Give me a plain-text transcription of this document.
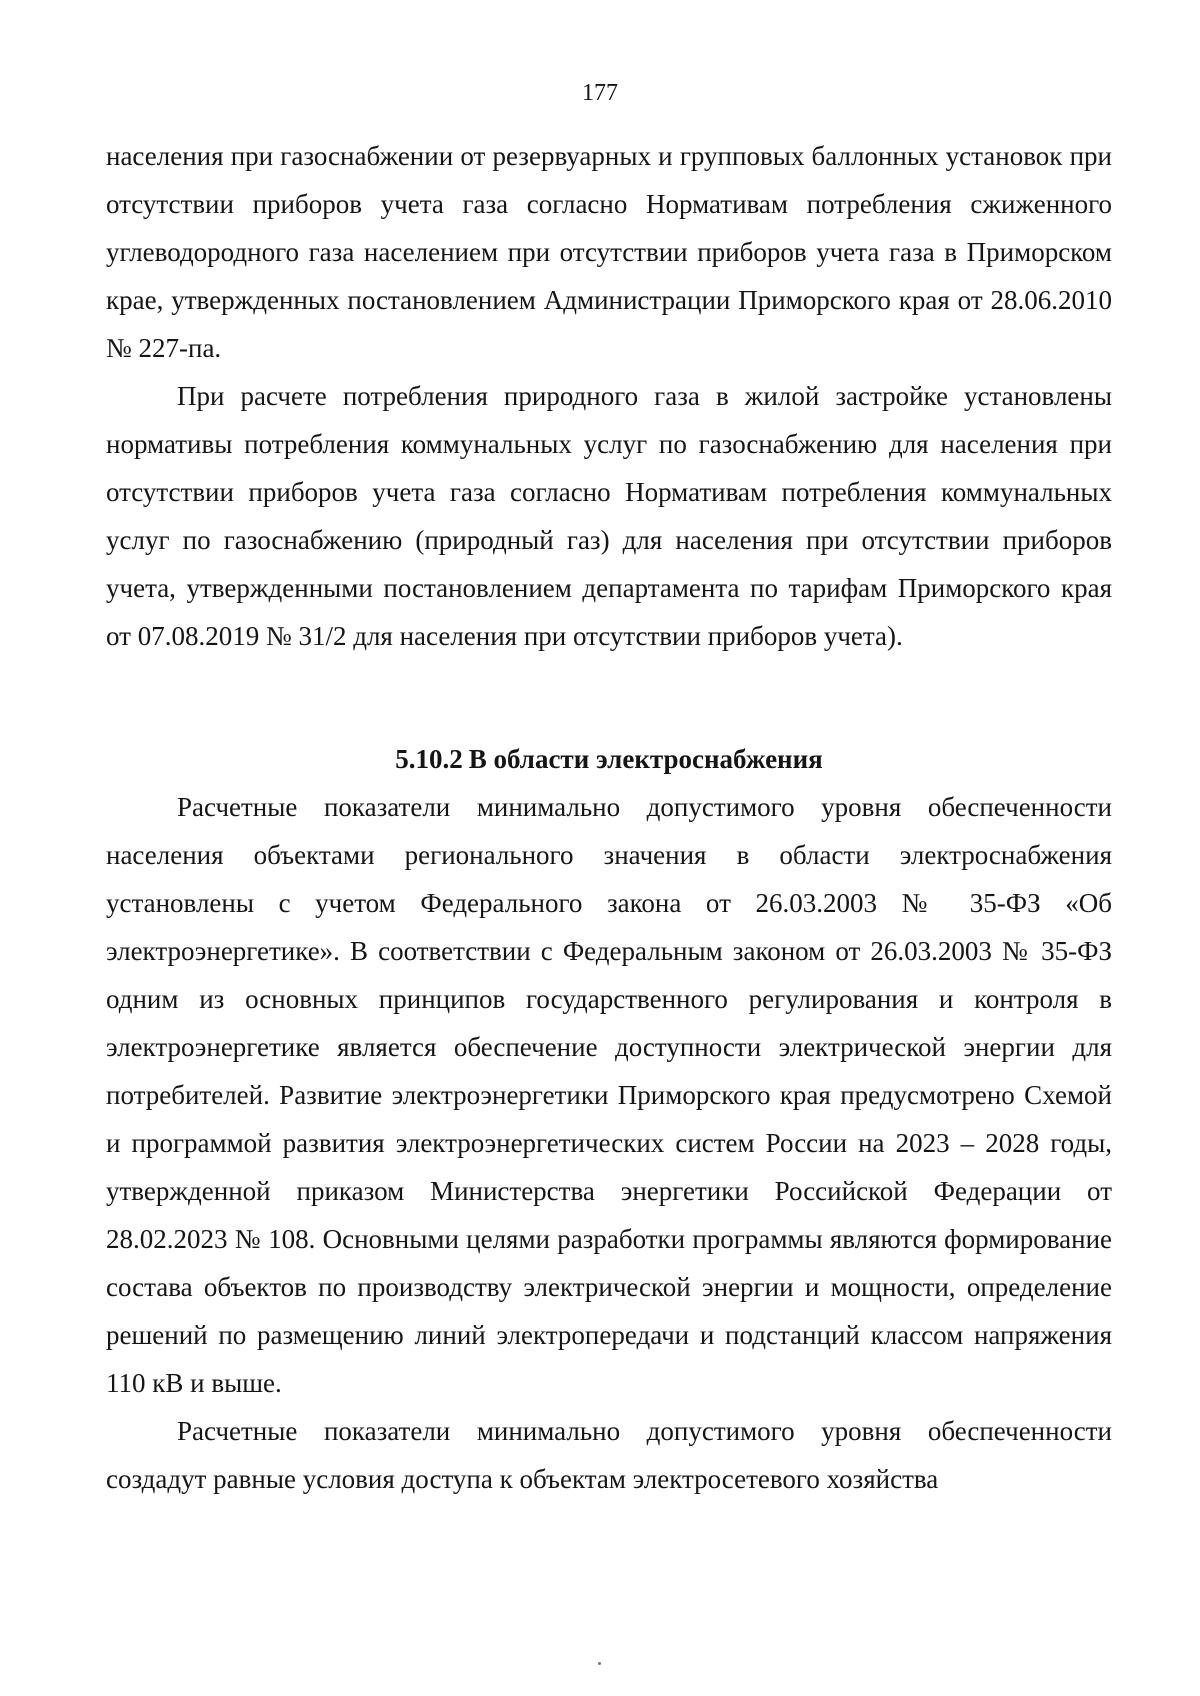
177

населения при газоснабжении от резервуарных и групповых баллонных установок при отсутствии приборов учета газа согласно Нормативам потребления сжиженного углеводородного газа населением при отсутствии приборов учета газа в Приморском крае, утвержденных постановлением Администрации Приморского края от 28.06.2010 № 227-па.

При расчете потребления природного газа в жилой застройке установлены нормативы потребления коммунальных услуг по газоснабжению для населения при отсутствии приборов учета газа согласно Нормативам потребления коммунальных услуг по газоснабжению (природный газ) для населения при отсутствии приборов учета, утвержденными постановлением департамента по тарифам Приморского края от 07.08.2019 № 31/2 для населения при отсутствии приборов учета).

5.10.2 В области электроснабжения

Расчетные показатели минимально допустимого уровня обеспеченности населения объектами регионального значения в области электроснабжения установлены с учетом Федерального закона от 26.03.2003 № 35-ФЗ «Об электроэнергетике». В соответствии с Федеральным законом от 26.03.2003 № 35-ФЗ одним из основных принципов государственного регулирования и контроля в электроэнергетике является обеспечение доступности электрической энергии для потребителей. Развитие электроэнергетики Приморского края предусмотрено Схемой и программой развития электроэнергетических систем России на 2023 – 2028 годы, утвержденной приказом Министерства энергетики Российской Федерации от 28.02.2023 № 108. Основными целями разработки программы являются формирование состава объектов по производству электрической энергии и мощности, определение решений по размещению линий электропередачи и подстанций классом напряжения 110 кВ и выше.

Расчетные показатели минимально допустимого уровня обеспеченности создадут равные условия доступа к объектам электросетевого хозяйства
